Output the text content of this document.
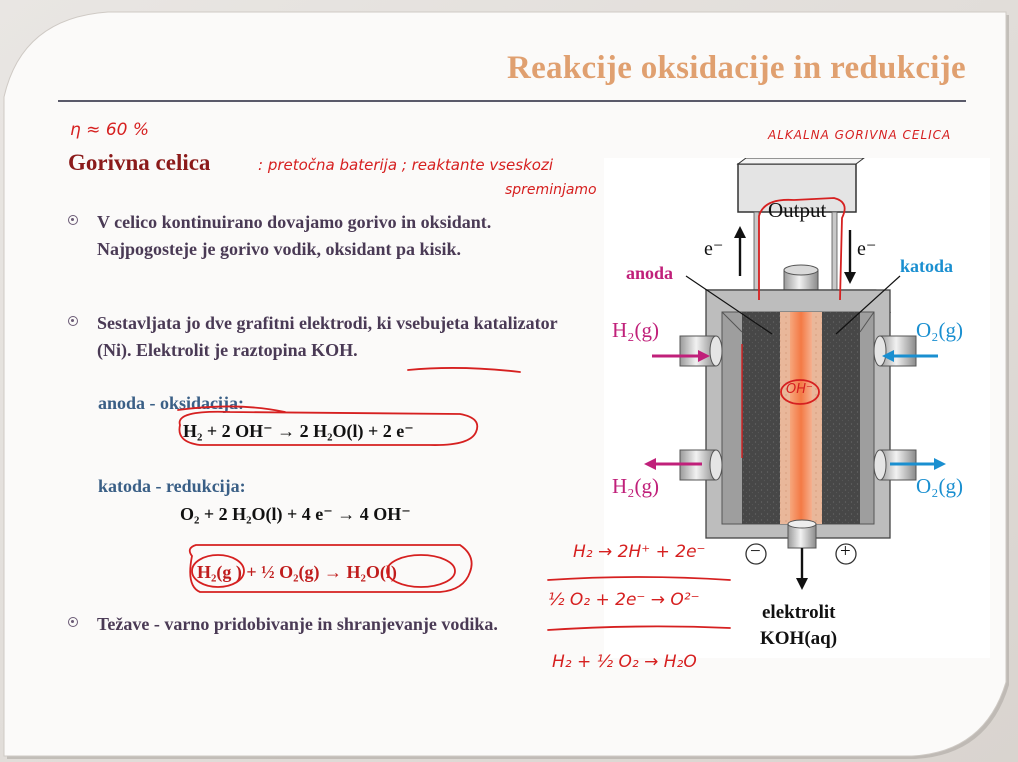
Reakcije oksidacije in redukcije
Gorivna celica
V celico kontinuirano dovajamo gorivo in oksidant. Najpogosteje je gorivo vodik, oksidant pa kisik.
Sestavljata jo dve grafitni elektrodi, ki vsebujeta katalizator (Ni). Elektrolit je raztopina KOH.
Težave - varno pridobivanje in shranjevanje vodika.
anoda - oksidacija:
H₂ + 2 OH⁻ → 2 H₂O(l) + 2 e⁻
katoda - redukcija:
O₂ + 2 H₂O(l) + 4 e⁻ → 4 OH⁻
H₂(g ) + ½ O₂(g) → H₂O(l)
Output
e⁻	e⁻
anoda	katoda
H₂(g)
H₂(g)
O₂(g)
O₂(g)
−	+
elektrolit
KOH(aq)
OH⁻
η ≈ 60 %	ALKALNA GORIVNA CELICA
: pretočna baterija ; reaktante vseskozi
spreminjamo
H₂ → 2H⁺ + 2e⁻
½ O₂ + 2e⁻ → O²⁻
H₂ + ½ O₂ → H₂O
